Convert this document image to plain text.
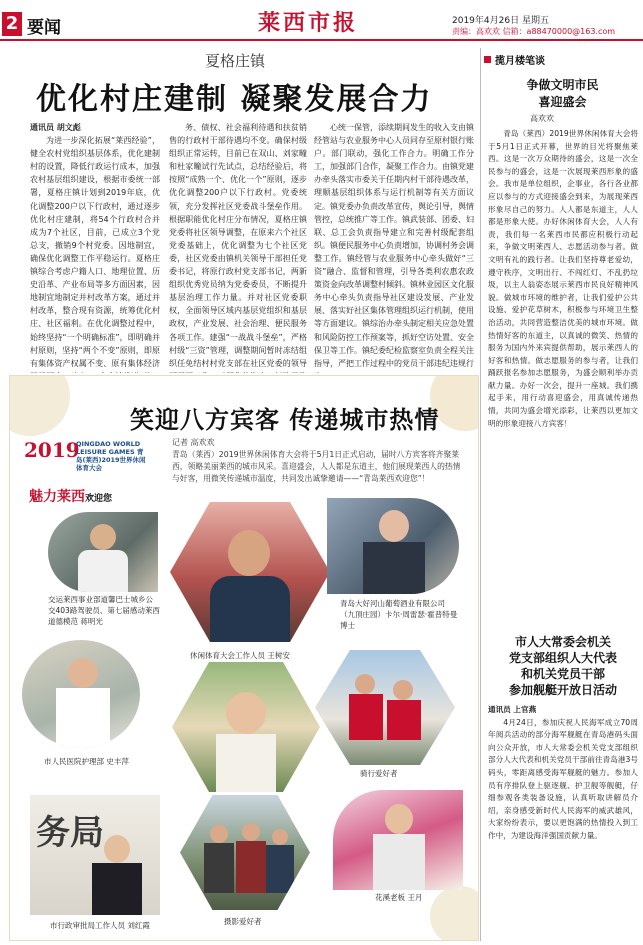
2 要闻	莱西市报	2019年4月26日 星期五
责编：高欢欢 信箱：a88470000@163.com
夏格庄镇
优化村庄建制 凝聚发展合力
通讯员 胡文彪

为进一步深化拓展“莱西经验”，健全农村党组织基层体系，优化建制村的设置，降低行政运行成本，加强农村基层组织建设，根据市委统一部署，夏格庄镇计划到2019年底，优化调整200户以下行政村，通过逐步优化村庄建制，将54个行政村合并成为7个社区，目前，已成立3个党总支，撤销9个村党委。因地制宜，确保优化调整工作平稳运行。夏格庄镇综合考虑户籍人口、地理位置、历史沿革、产业布局等多方面因素，因地制宜地制定并村改革方案，通过并村改革，整合现有资源，统筹优化村庄、社区福利。在优化调整过程中，始终坚持“一个明确标准”，即明确并村原则，坚持“两个不变”原则，即原有集体资产权属不变、原有集体经济

务、债权、社会福利待遇和扶贫销售的行政村干部待遇均不变。确保村级组织正常运转，目前已在双山、刘家疃和杜家疃试行先试点，总结经验后，将按照“成熟一个、优化一个”原则，逐步优化调整200户以下行政村。党委统领，充分发挥社区党委战斗堡垒作用。根据职能优化村庄分布情况，夏格庄镇党委将社区领导调整，在原来六个社区党委基础上，优化调整为七个社区党委，社区党委由镇机关领导干部担任党委书记，将原行政村党支部书记，两新组织优秀党员纳为党委委员，不断提升基层治理工作力量。并对社区党委职权，全面领导区域内基层党组织和基层政权，产业发展、社会治理、便民服务各项工作。建强“一战战斗堡垒”，严格村级“三资”管理，调整期间暂时冻结组织任免结村村党支部在社区党委的领导

心统一保管，添续期间发生的收入支由镇经管站与农业服务中心人员同存至原村银行账户。部门联动，强化工作合力。明确工作分工，加强部门合作，凝聚工作合力。由镇党建办牵头落实市委关于任期内村干部待遇改革，理顺基层组织体系与运行机制等有关方面议定。镇党委办负责改革宣传，舆论引导，舆情管控，总统推广等工作。镇武装部、团委、妇联、总工会负责指导建立和完善村级配套组织。镇便民服务中心负责增加，协调村务会调整工作。镇经管与农业服务中心牵头做好“三资”融合、监督和管理，引导各类利农惠农政策资金向改革调整村倾斜。镇林业园区文化服务中心牵头负责指导社区建设发展、产业发展、落实好社区集体管理组织运行机制，使用等方面建议。镇综治办牵头制定相关应急处置和风险防控工作预案等，抓好空访处置、安全保卫等工作。镇纪委纪检监察室负责全程关注指导，严把工作过程中的党员干部违纪违规行

揽月楼笔谈
争做文明市民
喜迎盛会
高欢欢

青岛（莱西）2019世界休闲体育大会将于5月1日正式开幕，世界的目光将聚焦莱西。这是一次万众期待的盛会，这是一次全民参与的盛会，这是一次展现莱西形象的盛会。我市是单位组织，企事业，各行各业都应以参与的方式迎接盛会到来，为展现莱西形象尽自己的努力。人人都是东道主，人人都是形象大使。办好休闲体育大会，人人有责，我们每一名莱西市民都应积极行动起来，争做文明莱西人、志愿活动参与者。做文明有礼的践行者。让我们坚持尊老爱幼，遵守秩序，文明出行、不闯红灯、不乱扔垃圾，以主人翁姿态展示莱西市民良好精神风貌。做城市环境的维护者，让我们爱护公共设施、爱护花草树木，积极参与环境卫生整治活动，共同营造整洁优美的城市环境。做热情好客的东道主，以真诚的微笑、热情的服务为国内外来宾提供帮助，展示莱西人的好客和热情。做志愿服务的参与者，让我们踊跃报名参加志愿服务，为盛会顺利举办贡献力量。办好一次会，提升一座城。我们携起手来，用行动喜迎盛会，用真诚传递热情，共同为盛会增光添彩，让莱西以更加文明的形象迎接八方宾客！

市人大常委会机关
党支部组织人大代表
和机关党员干部
参加舰艇开放日活动
通讯员 上官燕

4月24日，参加庆祝人民海军成立70周年阅兵活动的部分海军舰艇在青岛港码头面向公众开放，市人大常委会机关党支部组织部分人大代表和机关党员干部前往青岛港3号码头，零距离感受海军舰艇的魅力。参加人员有序排队登上驱逐舰、护卫舰等舰艇，仔细参观各类装备设施，认真听取讲解员介绍，亲身感受新时代人民海军的威武雄风，大家纷纷表示，要以更饱满的热情投入到工作中，为建设海洋强国贡献力量。

笑迎八方宾客 传递城市热情
2019
QINGDAO WORLD LEISURE GAMES 青岛(莱西)2019世界休闲体育大会
魅力莱西欢迎您
记者 高欢欢
青岛（莱西）2019世界休闲体育大会将于5月1日正式启动，届时八方宾客将齐聚莱西，领略美丽莱西的城市风采。喜迎盛会，人人都是东道主，他们展现莱西人的热情与好客，用微笑传递城市温度，共同发出诚挚邀请——“青岛莱西欢迎您”！
交运莱西事业部道馨巴士城乡公交403路驾驶员、第七届感动莱西道德模范 蒋明光
休闲体育大会工作人员 王树安
青岛大好河山葡萄酒业有限公司（九頂庄园）卡尔·周雷瑟·霍普特曼博士
市人民医院护理部 史丰萍
骑行爱好者
务局
市行政审批局工作人员 刘红霞	摄影爱好者
花溪老板 王月
